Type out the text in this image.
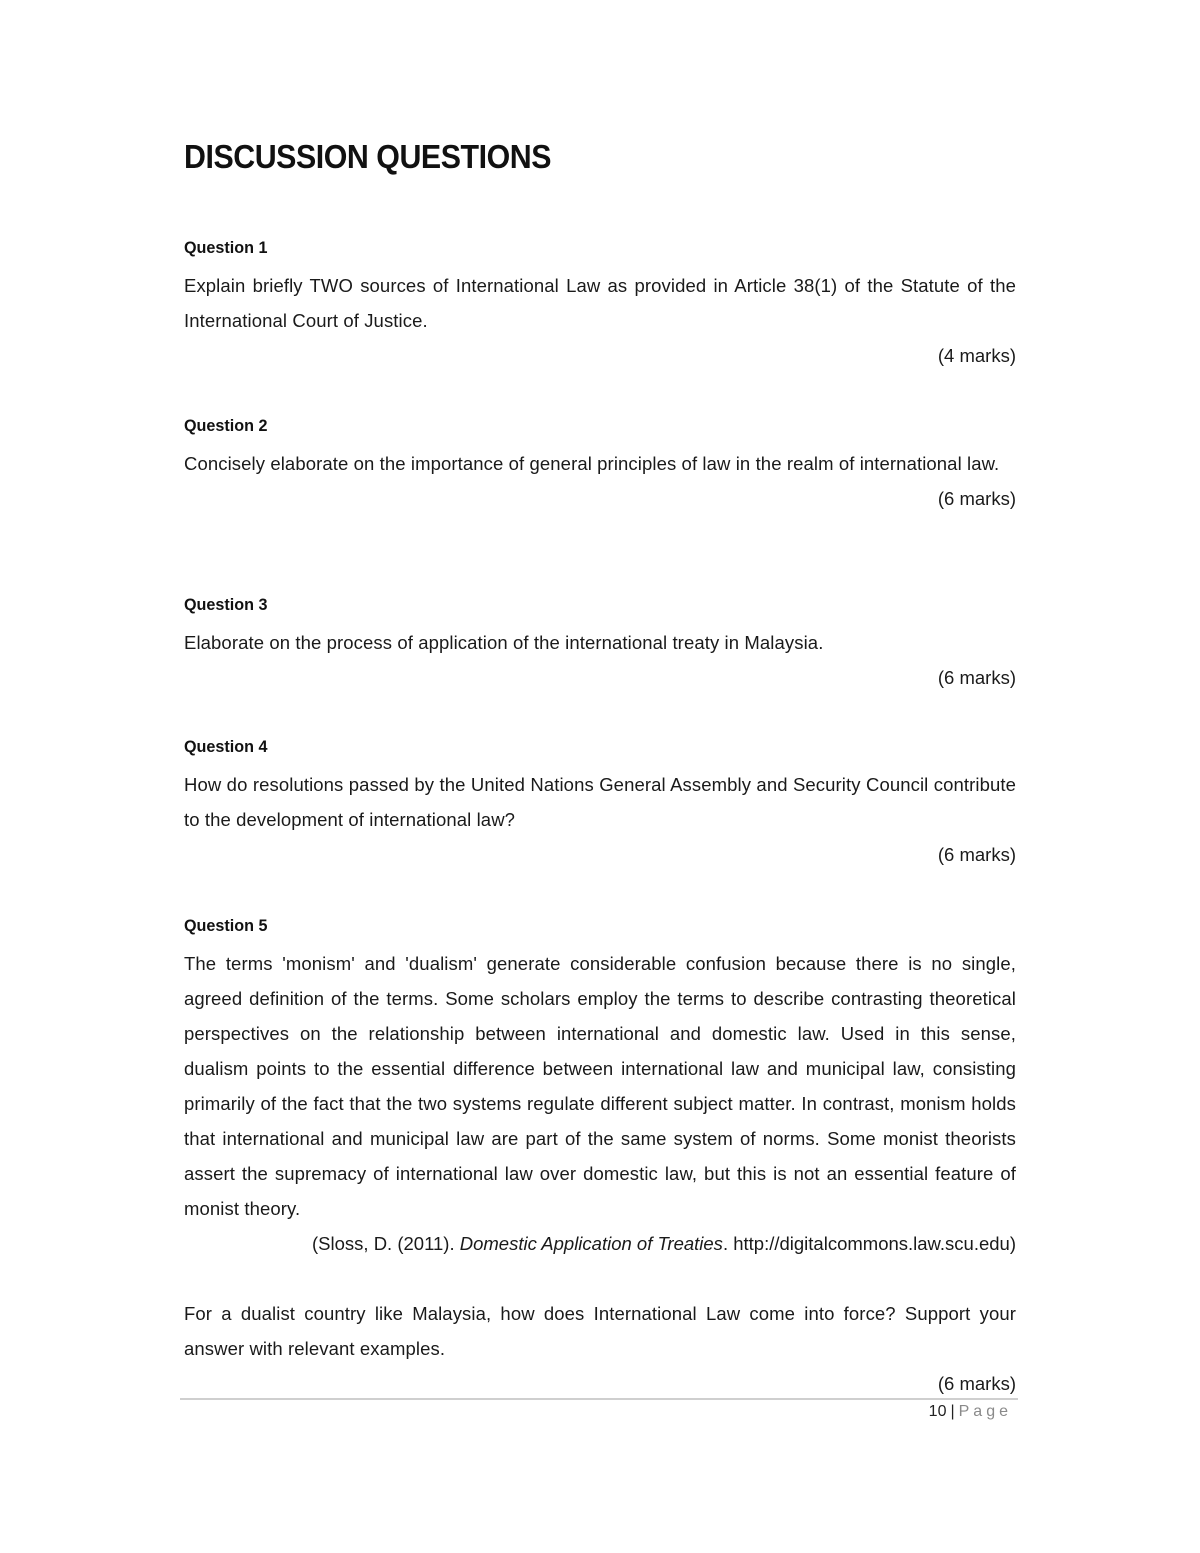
DISCUSSION QUESTIONS
Question 1

Explain briefly TWO sources of International Law as provided in Article 38(1) of the Statute of the International Court of Justice.

(4 marks)
Question 2

Concisely elaborate on the importance of general principles of law in the realm of international law.

(6 marks)
Question 3

Elaborate on the process of application of the international treaty in Malaysia.

(6 marks)
Question 4

How do resolutions passed by the United Nations General Assembly and Security Council contribute to the development of international law?

(6 marks)
Question 5

The terms 'monism' and 'dualism' generate considerable confusion because there is no single, agreed definition of the terms. Some scholars employ the terms to describe contrasting theoretical perspectives on the relationship between international and domestic law. Used in this sense, dualism points to the essential difference between international law and municipal law, consisting primarily of the fact that the two systems regulate different subject matter. In contrast, monism holds that international and municipal law are part of the same system of norms. Some monist theorists assert the supremacy of international law over domestic law, but this is not an essential feature of monist theory.

(Sloss, D. (2011). Domestic Application of Treaties. http://digitalcommons.law.scu.edu)

For a dualist country like Malaysia, how does International Law come into force? Support your answer with relevant examples.

(6 marks)
10 | Page
